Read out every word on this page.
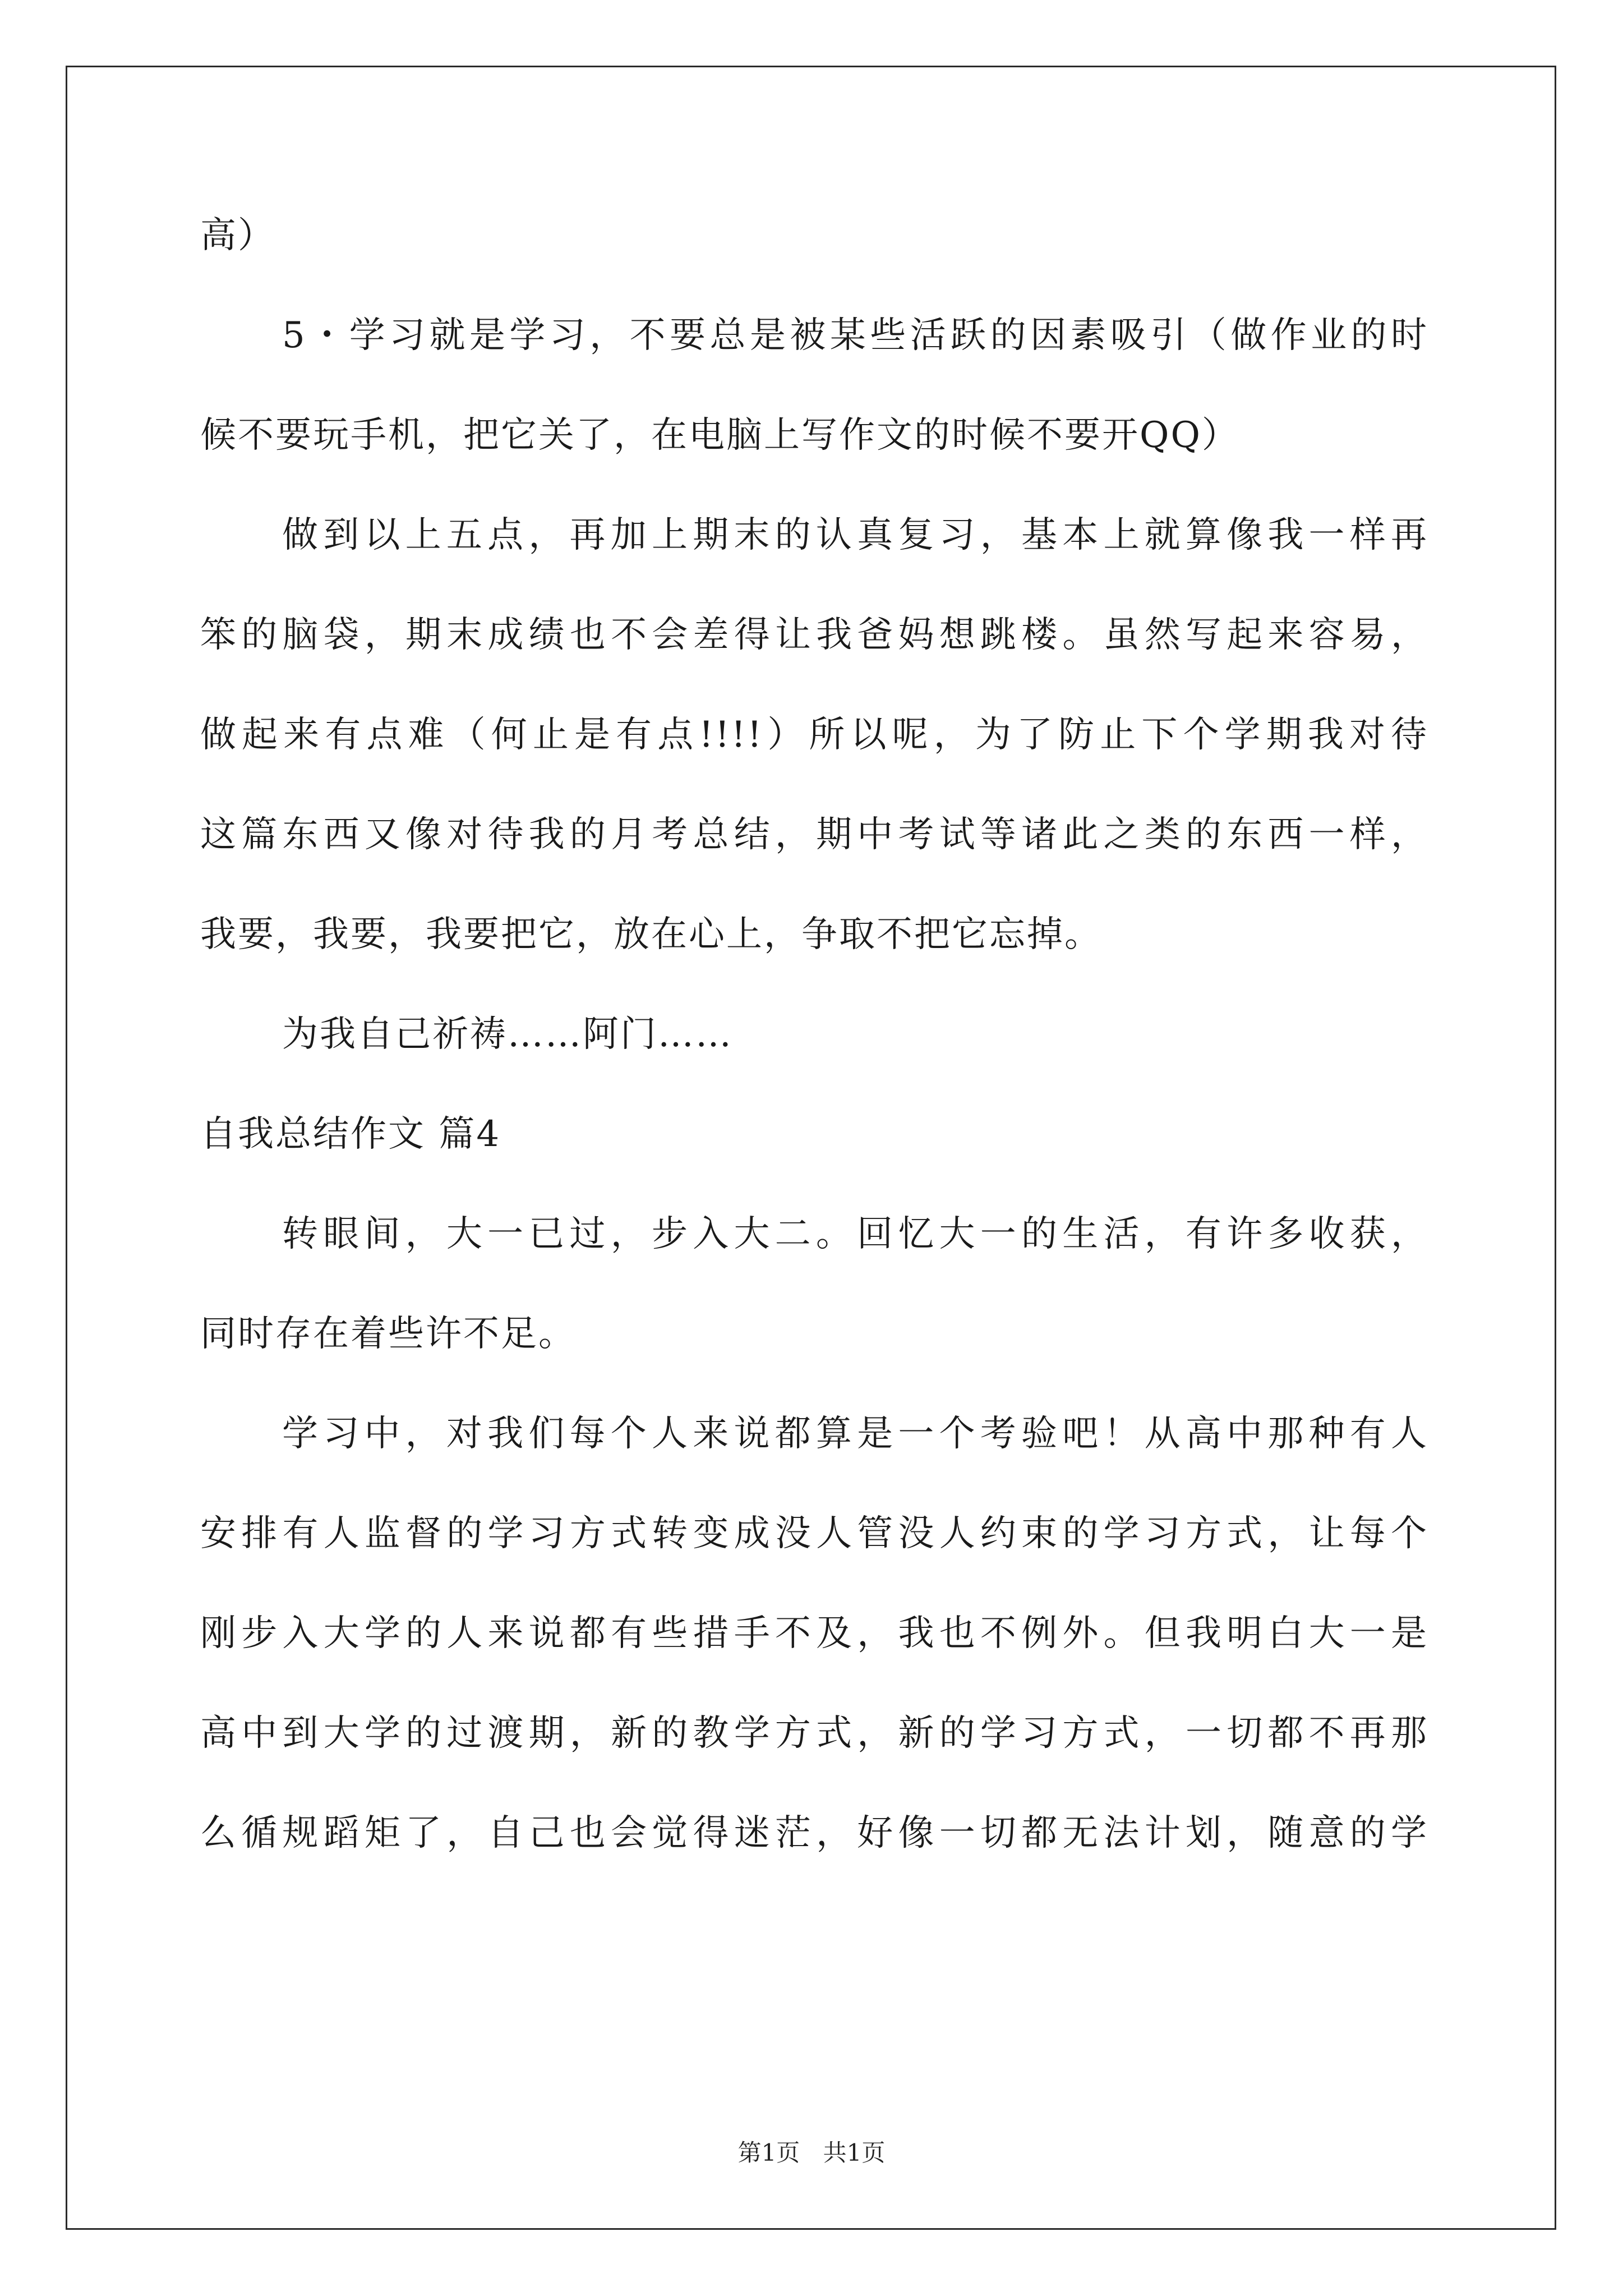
高）

5・学习就是学习，不要总是被某些活跃的因素吸引（做作业的时

候不要玩手机，把它关了，在电脑上写作文的时候不要开QQ）

做到以上五点，再加上期末的认真复习，基本上就算像我一样再

笨的脑袋，期末成绩也不会差得让我爸妈想跳楼。虽然写起来容易，

做起来有点难（何止是有点!!!!）所以呢，为了防止下个学期我对待

这篇东西又像对待我的月考总结，期中考试等诸此之类的东西一样，

我要，我要，我要把它，放在心上，争取不把它忘掉。

为我自己祈祷……阿门……

自我总结作文 篇4

转眼间，大一已过，步入大二。回忆大一的生活，有许多收获，

同时存在着些许不足。

学习中，对我们每个人来说都算是一个考验吧！从高中那种有人

安排有人监督的学习方式转变成没人管没人约束的学习方式，让每个

刚步入大学的人来说都有些措手不及，我也不例外。但我明白大一是

高中到大学的过渡期，新的教学方式，新的学习方式，一切都不再那

么循规蹈矩了，自己也会觉得迷茫，好像一切都无法计划，随意的学

第1页 共1页
